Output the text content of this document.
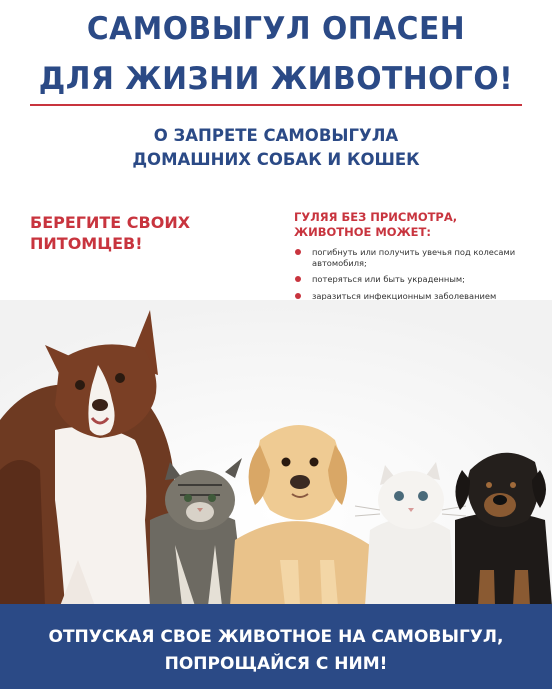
САМОВЫГУЛ ОПАСЕН
ДЛЯ ЖИЗНИ ЖИВОТНОГО!
О ЗАПРЕТЕ САМОВЫГУЛА
ДОМАШНИХ СОБАК И КОШЕК
БЕРЕГИТЕ СВОИХ
ПИТОМЦЕВ!
ГУЛЯЯ БЕЗ ПРИСМОТРА,
ЖИВОТНОЕ МОЖЕТ:
погибнуть или получить увечья под колесами
автомобиля;
потеряться или быть украденным;
заразиться инфекционным заболеванием
ОТПУСКАЯ СВОЕ ЖИВОТНОЕ НА САМОВЫГУЛ,
ПОПРОЩАЙСЯ С НИМ!
